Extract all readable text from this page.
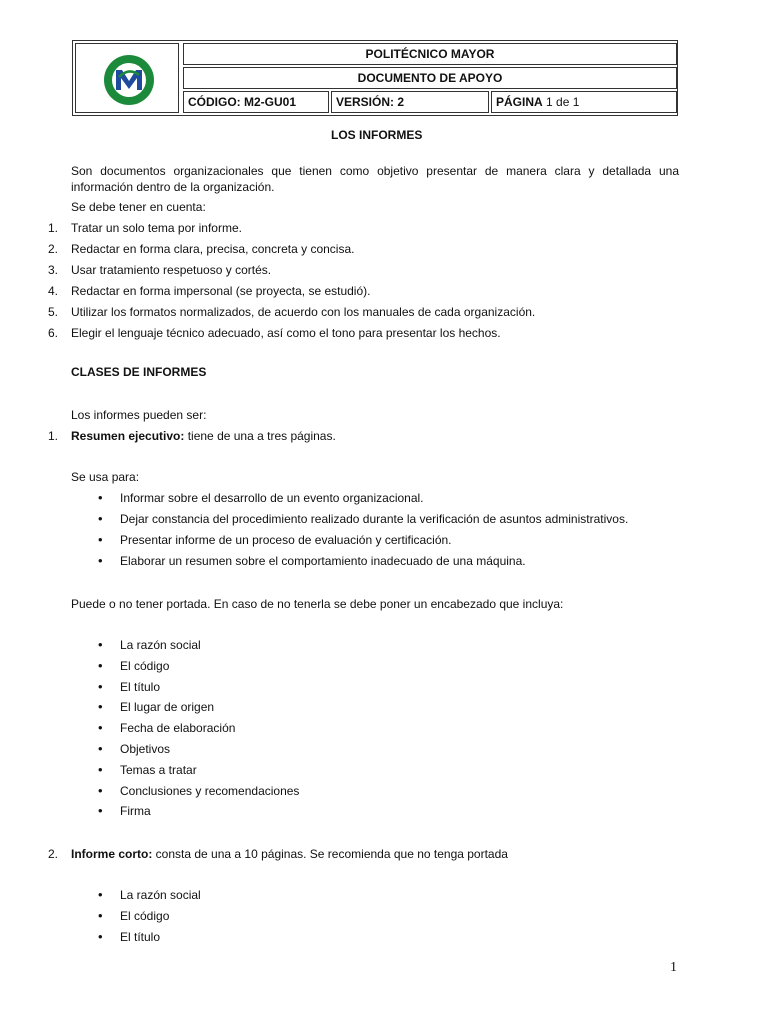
POLITÉCNICO MAYOR
DOCUMENTO DE APOYO
CÓDIGO: M2-GU01	VERSIÓN: 2	PÁGINA
1 de 1
LOS INFORMES
Son documentos organizacionales que tienen como objetivo presentar de manera clara y detallada una información dentro de la organización.
Se debe tener en cuenta:
1. Tratar un solo tema por informe.
2. Redactar en forma clara, precisa, concreta y concisa.
3. Usar tratamiento respetuoso y cortés.
4. Redactar en forma impersonal (se proyecta, se estudió).
5. Utilizar los formatos normalizados, de acuerdo con los manuales de cada organización.
6. Elegir el lenguaje técnico adecuado, así como el tono para presentar los hechos.
CLASES DE INFORMES
Los informes pueden ser:
1. Resumen ejecutivo: tiene de una a tres páginas.
Se usa para:
• Informar sobre el desarrollo de un evento organizacional.
• Dejar constancia del procedimiento realizado durante la verificación de asuntos administrativos.
• Presentar informe de un proceso de evaluación y certificación.
• Elaborar un resumen sobre el comportamiento inadecuado de una máquina.
Puede o no tener portada. En caso de no tenerla se debe poner un encabezado que incluya:
• La razón social
• El código
• El título
• El lugar de origen
• Fecha de elaboración
• Objetivos
• Temas a tratar
• Conclusiones y recomendaciones
• Firma
2. Informe corto: consta de una a 10 páginas. Se recomienda que no tenga portada
• La razón social
• El código
• El título
1
